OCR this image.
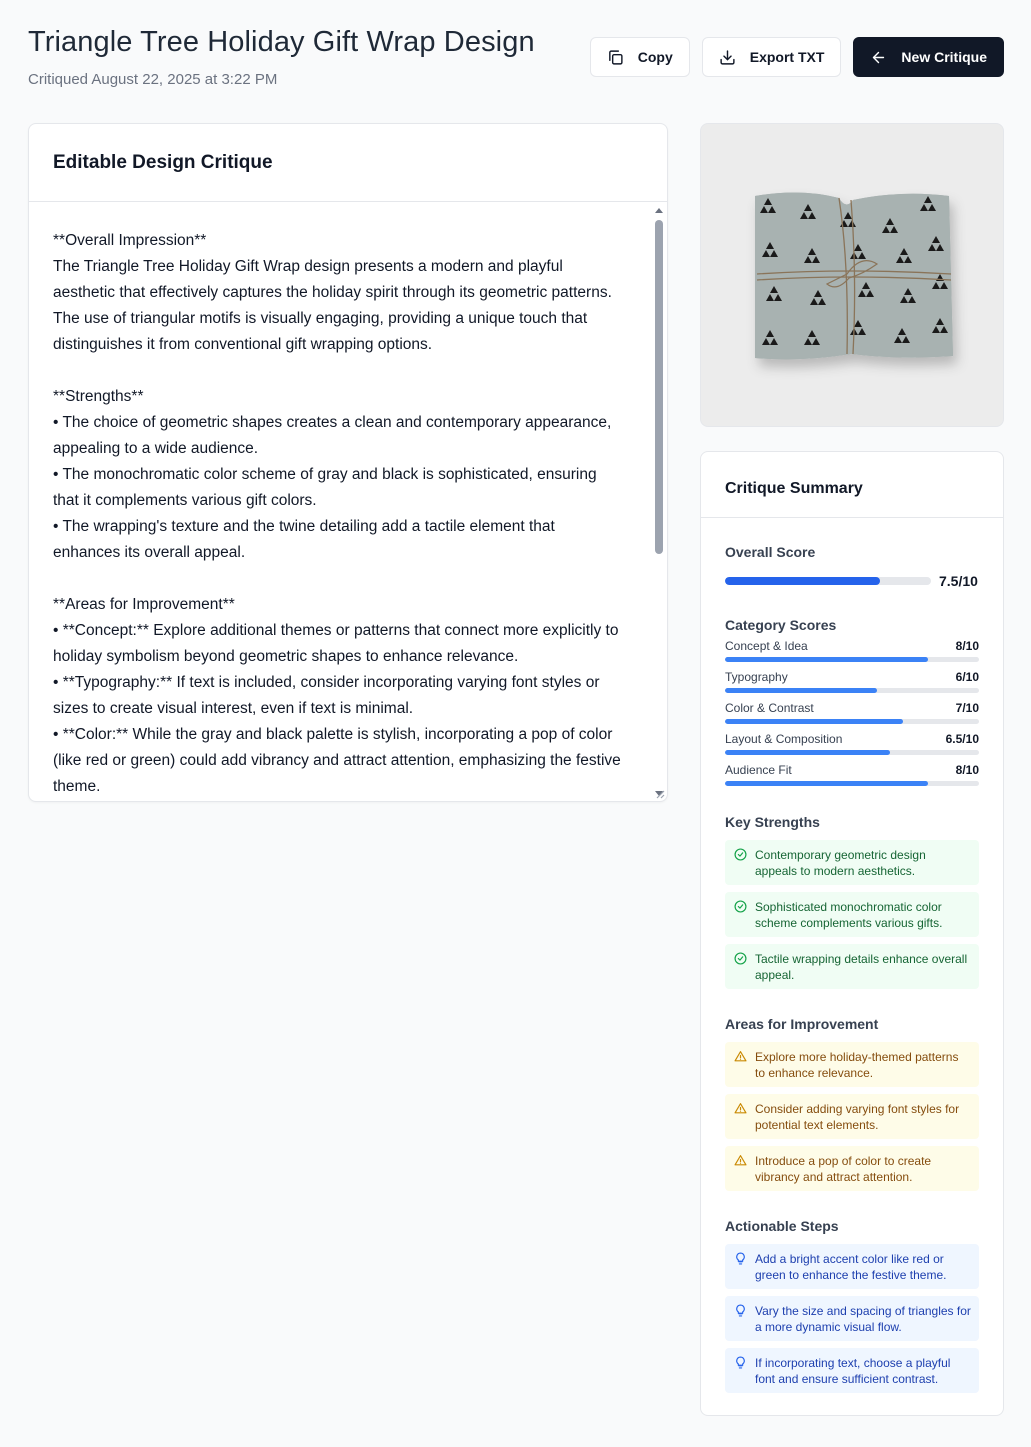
Triangle Tree Holiday Gift Wrap Design
Critiqued August 22, 2025 at 3:22 PM
Copy	Export TXT	New Critique
Editable Design Critique
**Overall Impression**
The Triangle Tree Holiday Gift Wrap design presents a modern and playful aesthetic that effectively captures the holiday spirit through its geometric patterns. The use of triangular motifs is visually engaging, providing a unique touch that distinguishes it from conventional gift wrapping options.

**Strengths**
• The choice of geometric shapes creates a clean and contemporary appearance, appealing to a wide audience.
• The monochromatic color scheme of gray and black is sophisticated, ensuring that it complements various gift colors.
• The wrapping's texture and the twine detailing add a tactile element that enhances its overall appeal.

**Areas for Improvement**
• **Concept:** Explore additional themes or patterns that connect more explicitly to holiday symbolism beyond geometric shapes to enhance relevance.
• **Typography:** If text is included, consider incorporating varying font styles or sizes to create visual interest, even if text is minimal.
• **Color:** While the gray and black palette is stylish, incorporating a pop of color (like red or green) could add vibrancy and attract attention, emphasizing the festive theme.
Critique Summary
Overall Score
7.5/10
Category Scores
Concept & Idea	8/10
Typography	6/10
Color & Contrast	7/10
Layout & Composition	6.5/10
Audience Fit	8/10
Key Strengths
Contemporary geometric design appeals to modern aesthetics.
Sophisticated monochromatic color scheme complements various gifts.
Tactile wrapping details enhance overall appeal.
Areas for Improvement
Explore more holiday-themed patterns to enhance relevance.
Consider adding varying font styles for potential text elements.
Introduce a pop of color to create vibrancy and attract attention.
Actionable Steps
Add a bright accent color like red or green to enhance the festive theme.
Vary the size and spacing of triangles for a more dynamic visual flow.
If incorporating text, choose a playful font and ensure sufficient contrast.
